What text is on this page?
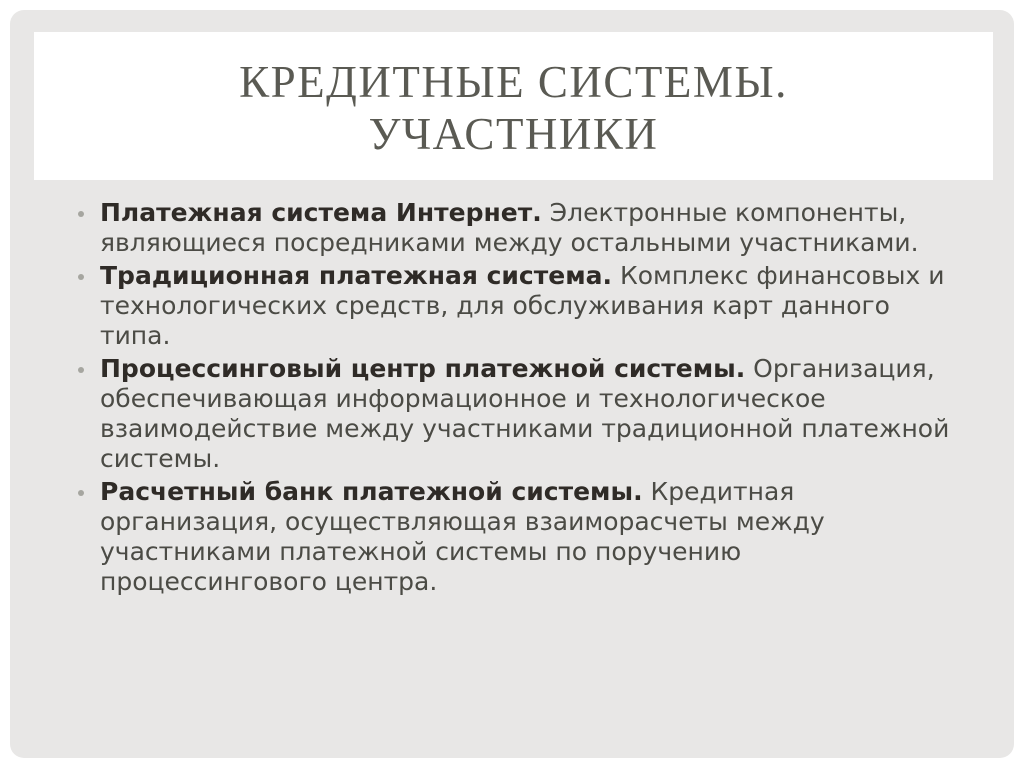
КРЕДИТНЫЕ СИСТЕМЫ.
УЧАСТНИКИ
Платежная система Интернет. Электронные компоненты, являющиеся посредниками между остальными участниками.
Традиционная платежная система. Комплекс финансовых и технологических средств, для обслуживания карт данного типа.
Процессинговый центр платежной системы. Организация, обеспечивающая информационное и технологическое взаимодействие между участниками традиционной платежной системы.
Расчетный банк платежной системы. Кредитная организация, осуществляющая взаиморасчеты между участниками платежной системы по поручению процессингового центра.
